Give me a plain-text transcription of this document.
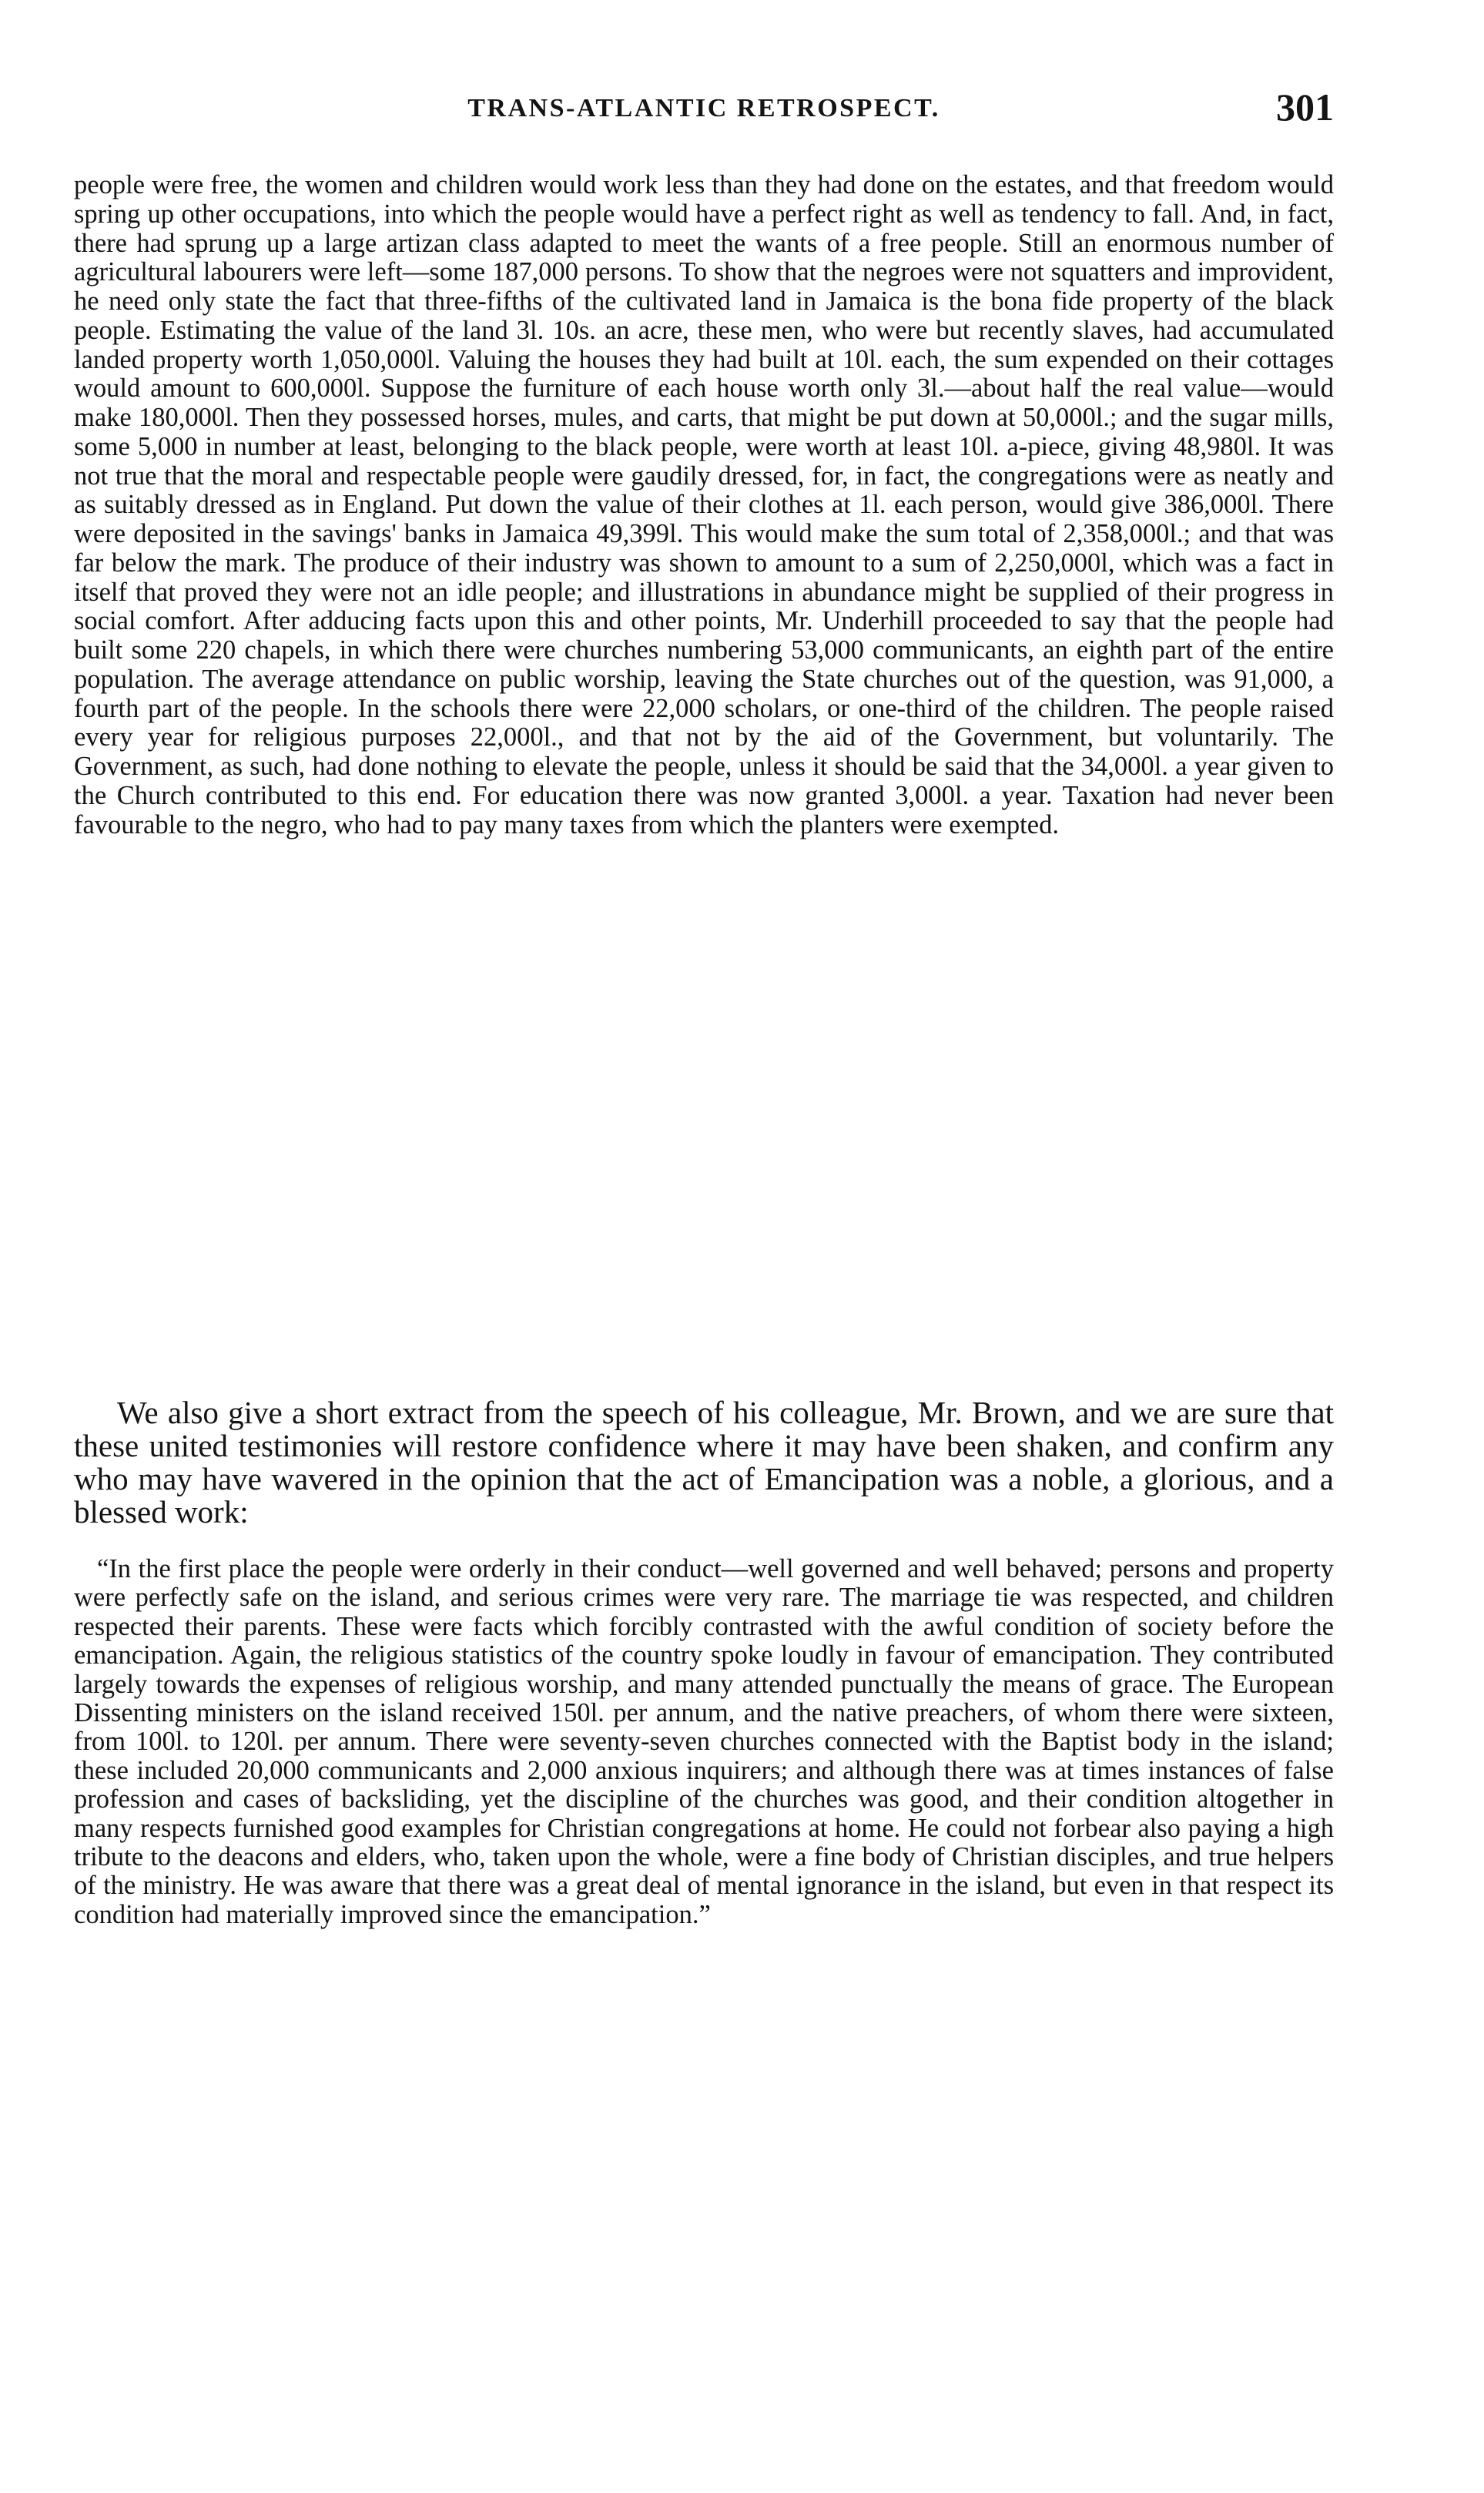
TRANS-ATLANTIC RETROSPECT.	301

people were free, the women and children would work less than they had done on the estates, and that freedom would spring up other occupations, into which the people would have a perfect right as well as tendency to fall. And, in fact, there had sprung up a large artizan class adapted to meet the wants of a free people. Still an enormous number of agricultural labourers were left—some 187,000 persons. To show that the negroes were not squatters and improvident, he need only state the fact that three-fifths of the cultivated land in Jamaica is the bona fide property of the black people. Estimating the value of the land 3l. 10s. an acre, these men, who were but recently slaves, had accumulated landed property worth 1,050,000l. Valuing the houses they had built at 10l. each, the sum expended on their cottages would amount to 600,000l. Suppose the furniture of each house worth only 3l.—about half the real value—would make 180,000l. Then they possessed horses, mules, and carts, that might be put down at 50,000l.; and the sugar mills, some 5,000 in number at least, belonging to the black people, were worth at least 10l. a-piece, giving 48,980l. It was not true that the moral and respectable people were gaudily dressed, for, in fact, the congregations were as neatly and as suitably dressed as in England. Put down the value of their clothes at 1l. each person, would give 386,000l. There were deposited in the savings' banks in Jamaica 49,399l. This would make the sum total of 2,358,000l.; and that was far below the mark. The produce of their industry was shown to amount to a sum of 2,250,000l, which was a fact in itself that proved they were not an idle people; and illustrations in abundance might be supplied of their progress in social comfort. After adducing facts upon this and other points, Mr. Underhill proceeded to say that the people had built some 220 chapels, in which there were churches numbering 53,000 communicants, an eighth part of the entire population. The average attendance on public worship, leaving the State churches out of the question, was 91,000, a fourth part of the people. In the schools there were 22,000 scholars, or one-third of the children. The people raised every year for religious purposes 22,000l., and that not by the aid of the Government, but voluntarily. The Government, as such, had done nothing to elevate the people, unless it should be said that the 34,000l. a year given to the Church contributed to this end. For education there was now granted 3,000l. a year. Taxation had never been favourable to the negro, who had to pay many taxes from which the planters were exempted.

We also give a short extract from the speech of his colleague, Mr. Brown, and we are sure that these united testimonies will restore confidence where it may have been shaken, and confirm any who may have wavered in the opinion that the act of Emancipation was a noble, a glorious, and a blessed work:

“In the first place the people were orderly in their conduct—well governed and well behaved; persons and property were perfectly safe on the island, and serious crimes were very rare. The marriage tie was respected, and children respected their parents. These were facts which forcibly contrasted with the awful condition of society before the emancipation. Again, the religious statistics of the country spoke loudly in favour of emancipation. They contributed largely towards the expenses of religious worship, and many attended punctually the means of grace. The European Dissenting ministers on the island received 150l. per annum, and the native preachers, of whom there were sixteen, from 100l. to 120l. per annum. There were seventy-seven churches connected with the Baptist body in the island; these included 20,000 communicants and 2,000 anxious inquirers; and although there was at times instances of false profession and cases of backsliding, yet the discipline of the churches was good, and their condition altogether in many respects furnished good examples for Christian congregations at home. He could not forbear also paying a high tribute to the deacons and elders, who, taken upon the whole, were a fine body of Christian disciples, and true helpers of the ministry. He was aware that there was a great deal of mental ignorance in the island, but even in that respect its condition had materially improved since the emancipation.”
